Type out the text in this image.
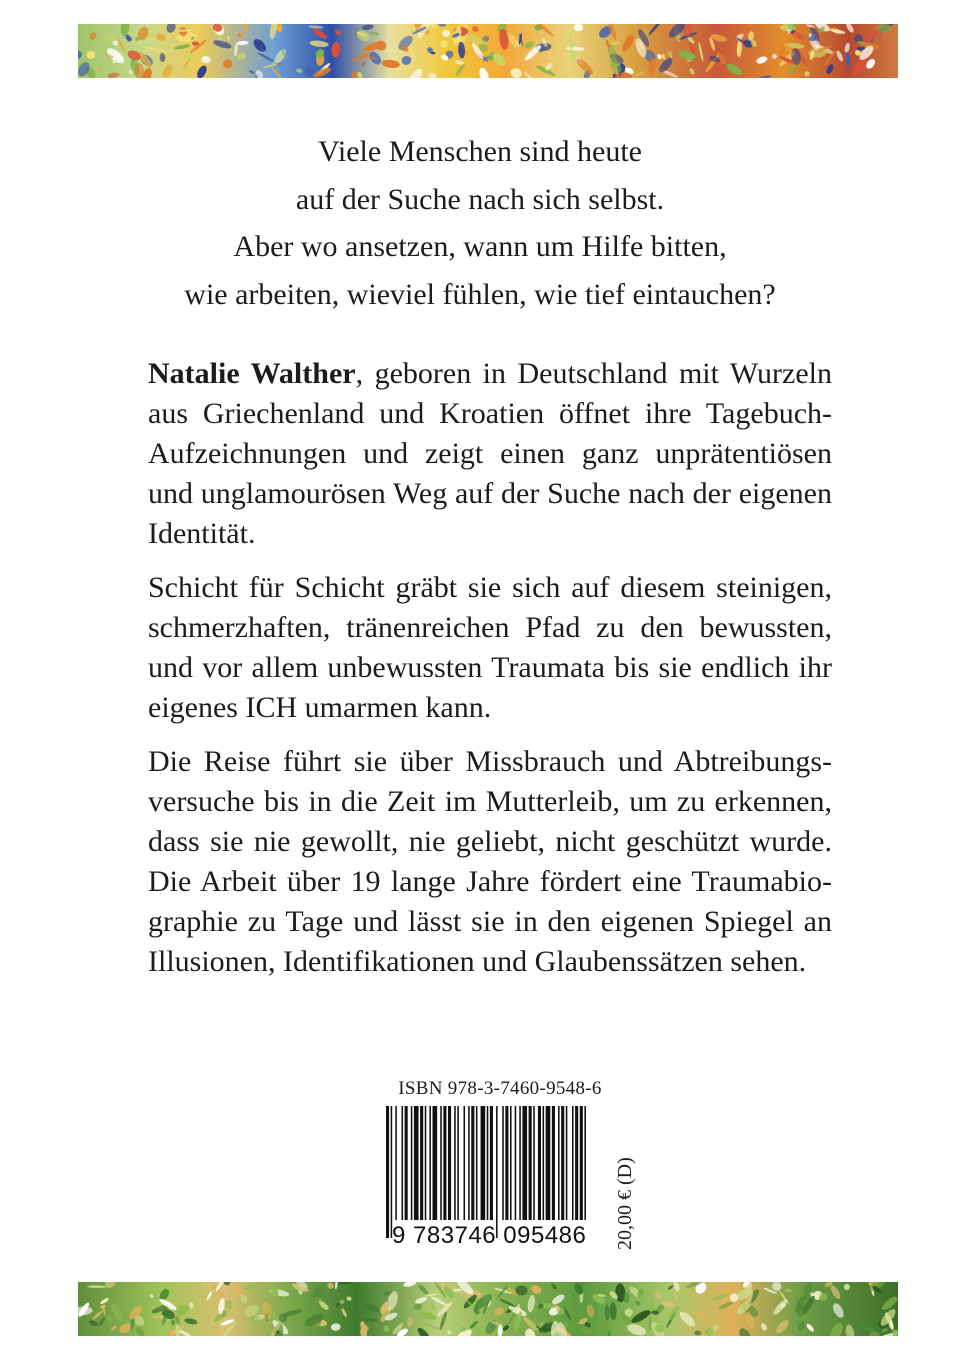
Viele Menschen sind heute
auf der Suche nach sich selbst.
Aber wo ansetzen, wann um Hilfe bitten,
wie arbeiten, wieviel fühlen, wie tief eintauchen?

Natalie Walther, geboren in Deutschland mit Wurzeln aus Griechenland und Kroatien öffnet ihre Tagebuch-Aufzeichnungen und zeigt einen ganz unprätentiösen und unglamourösen Weg auf der Suche nach der eigenen Identität.

Schicht für Schicht gräbt sie sich auf diesem steinigen, schmerzhaften, tränenreichen Pfad zu den bewussten, und vor allem unbewussten Traumata bis sie endlich ihr eigenes ICH umarmen kann.

Die Reise führt sie über Missbrauch und Abtreibungsversuche bis in die Zeit im Mutterleib, um zu erkennen, dass sie nie gewollt, nie geliebt, nicht geschützt wurde. Die Arbeit über 19 lange Jahre fördert eine Traumabiographie zu Tage und lässt sie in den eigenen Spiegel an Illusionen, Identifikationen und Glaubenssätzen sehen.

ISBN 978-3-7460-9548-6
9 783746 095486 20,00 € (D)
